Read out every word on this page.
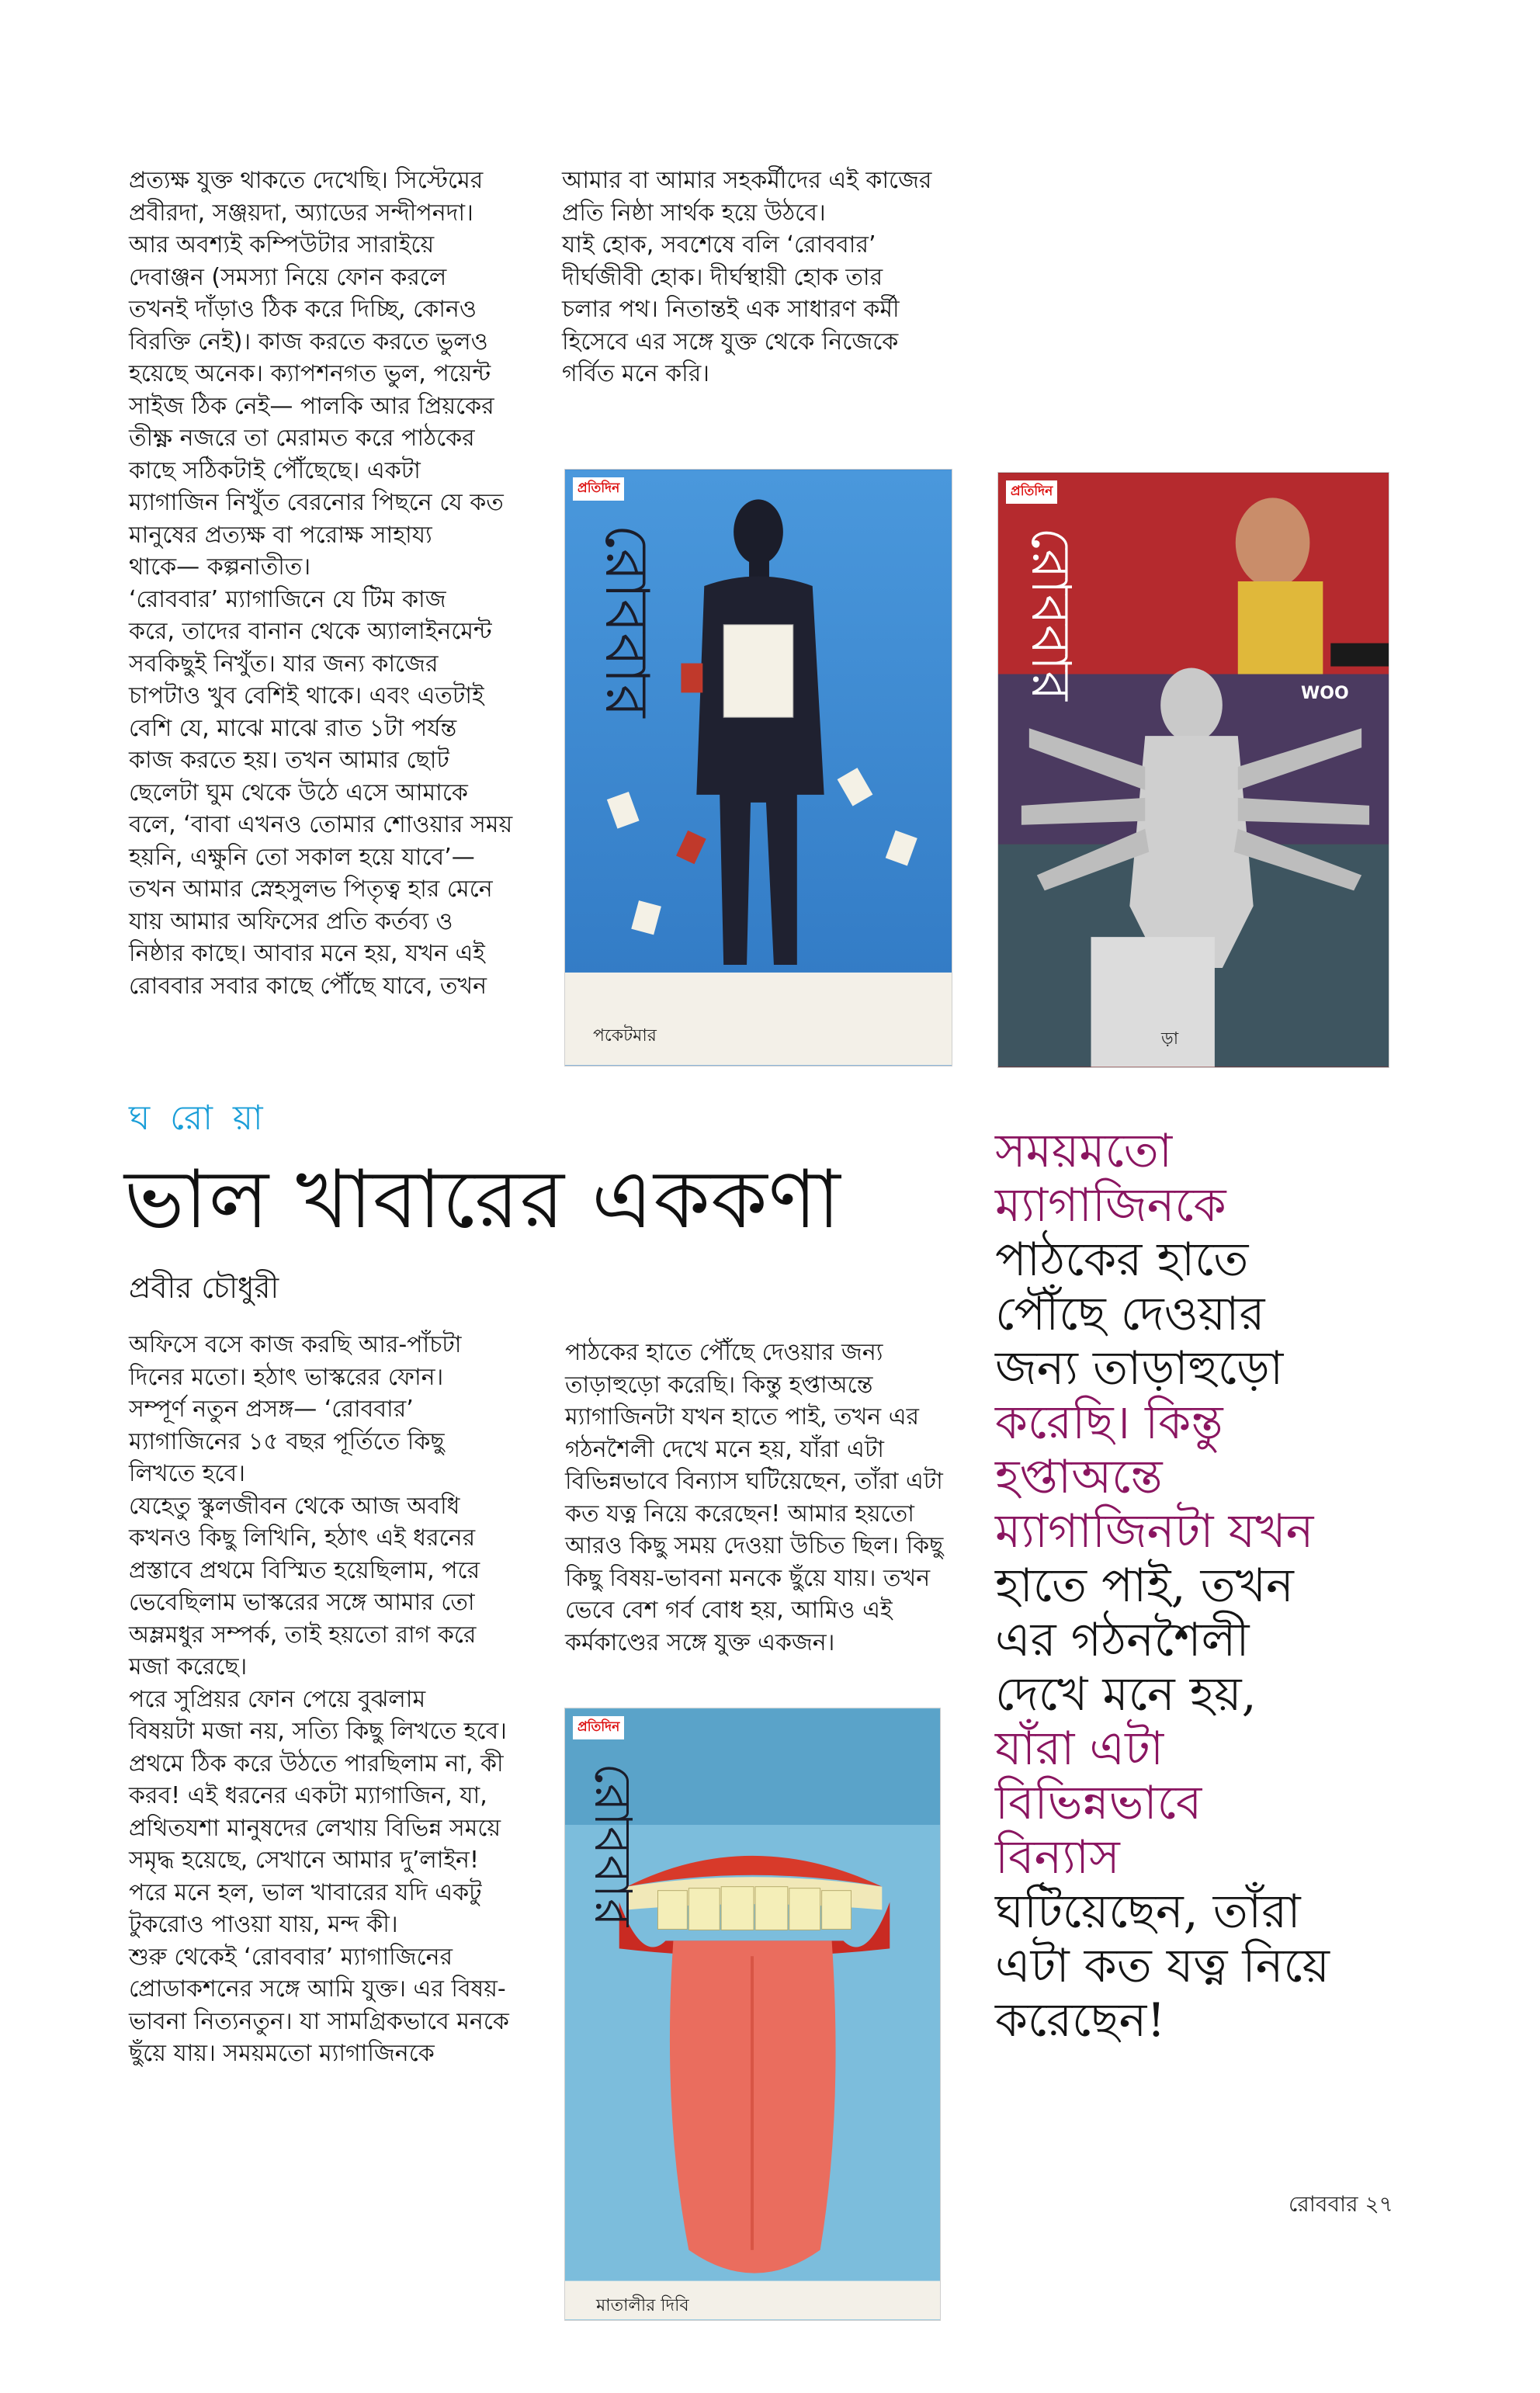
প্রত্যক্ষ যুক্ত থাকতে দেখেছি। সিস্টেমের

প্রবীরদা, সঞ্জয়দা, অ্যাডের সন্দীপনদা।

আর অবশ্যই কম্পিউটার সারাইয়ে

দেবাঞ্জন (সমস্যা নিয়ে ফোন করলে

তখনই দাঁড়াও ঠিক করে দিচ্ছি, কোনও

বিরক্তি নেই)। কাজ করতে করতে ভুলও

হয়েছে অনেক। ক্যাপশনগত ভুল, পয়েন্ট

সাইজ ঠিক নেই— পালকি আর প্রিয়কের

তীক্ষ্ণ নজরে তা মেরামত করে পাঠকের

কাছে সঠিকটাই পৌঁছেছে। একটা

ম্যাগাজিন নিখুঁত বেরনোর পিছনে যে কত

মানুষের প্রত্যক্ষ বা পরোক্ষ সাহায্য

থাকে— কল্পনাতীত।

‘রোববার’ ম্যাগাজিনে যে টিম কাজ

করে, তাদের বানান থেকে অ্যালাইনমেন্ট

সবকিছুই নিখুঁত। যার জন্য কাজের

চাপটাও খুব বেশিই থাকে। এবং এতটাই

বেশি যে, মাঝে মাঝে রাত ১টা পর্যন্ত

কাজ করতে হয়। তখন আমার ছোট

ছেলেটা ঘুম থেকে উঠে এসে আমাকে

বলে, ‘বাবা এখনও তোমার শোওয়ার সময়

হয়নি, এক্ষুনি তো সকাল হয়ে যাবে’—

তখন আমার স্নেহসুলভ পিতৃত্ব হার মেনে

যায় আমার অফিসের প্রতি কর্তব্য ও

নিষ্ঠার কাছে। আবার মনে হয়, যখন এই

রোববার সবার কাছে পৌঁছে যাবে, তখন

আমার বা আমার সহকর্মীদের এই কাজের

প্রতি নিষ্ঠা সার্থক হয়ে উঠবে।

যাই হোক, সবশেষে বলি ‘রোববার’

দীর্ঘজীবী হোক। দীর্ঘস্থায়ী হোক তার

চলার পথ। নিতান্তই এক সাধারণ কর্মী

হিসেবে এর সঙ্গে যুক্ত থেকে নিজেকে

গর্বিত মনে করি।

প্রতিদিন
রোববার
পকেটমার
প্রতিদিন
রোববার	WOO
ড়া
ঘ রো য়া
ভাল খাবারের এককণা
প্রবীর চৌধুরী

অফিসে বসে কাজ করছি আর-পাঁচটা

দিনের মতো। হঠাৎ ভাস্করের ফোন।

সম্পূর্ণ নতুন প্রসঙ্গ— ‘রোববার’

ম্যাগাজিনের ১৫ বছর পূর্তিতে কিছু

লিখতে হবে।

যেহেতু স্কুলজীবন থেকে আজ অবধি

কখনও কিছু লিখিনি, হঠাৎ এই ধরনের

প্রস্তাবে প্রথমে বিস্মিত হয়েছিলাম, পরে

ভেবেছিলাম ভাস্করের সঙ্গে আমার তো

অম্লমধুর সম্পর্ক, তাই হয়তো রাগ করে

মজা করেছে।

পরে সুপ্রিয়র ফোন পেয়ে বুঝলাম

বিষয়টা মজা নয়, সত্যি কিছু লিখতে হবে।

প্রথমে ঠিক করে উঠতে পারছিলাম না, কী

করব! এই ধরনের একটা ম্যাগাজিন, যা,

প্রথিতযশা মানুষদের লেখায় বিভিন্ন সময়ে

সমৃদ্ধ হয়েছে, সেখানে আমার দু’লাইন!

পরে মনে হল, ভাল খাবারের যদি একটু

টুকরোও পাওয়া যায়, মন্দ কী।

শুরু থেকেই ‘রোববার’ ম্যাগাজিনের

প্রোডাকশনের সঙ্গে আমি যুক্ত। এর বিষয়-

ভাবনা নিত্যনতুন। যা সামগ্রিকভাবে মনকে

ছুঁয়ে যায়। সময়মতো ম্যাগাজিনকে

পাঠকের হাতে পৌঁছে দেওয়ার জন্য

তাড়াহুড়ো করেছি। কিন্তু হপ্তাঅন্তে

ম্যাগাজিনটা যখন হাতে পাই, তখন এর

গঠনশৈলী দেখে মনে হয়, যাঁরা এটা

বিভিন্নভাবে বিন্যাস ঘটিয়েছেন, তাঁরা এটা

কত যত্ন নিয়ে করেছেন! আমার হয়তো

আরও কিছু সময় দেওয়া উচিত ছিল। কিছু

কিছু বিষয়-ভাবনা মনকে ছুঁয়ে যায়। তখন

ভেবে বেশ গর্ব বোধ হয়, আমিও এই

কর্মকাণ্ডের সঙ্গে যুক্ত একজন।

প্রতিদিন
রোববার
মাতালীর দিবি
সময়মতো
ম্যাগাজিনকে
পাঠকের হাতে
পৌঁছে দেওয়ার
জন্য তাড়াহুড়ো
করেছি। কিন্তু
হপ্তাঅন্তে
ম্যাগাজিনটা যখন
হাতে পাই, তখন
এর গঠনশৈলী
দেখে মনে হয়,
যাঁরা এটা
বিভিন্নভাবে
বিন্যাস
ঘটিয়েছেন, তাঁরা
এটা কত যত্ন নিয়ে
করেছেন!
রোববার ২৭
